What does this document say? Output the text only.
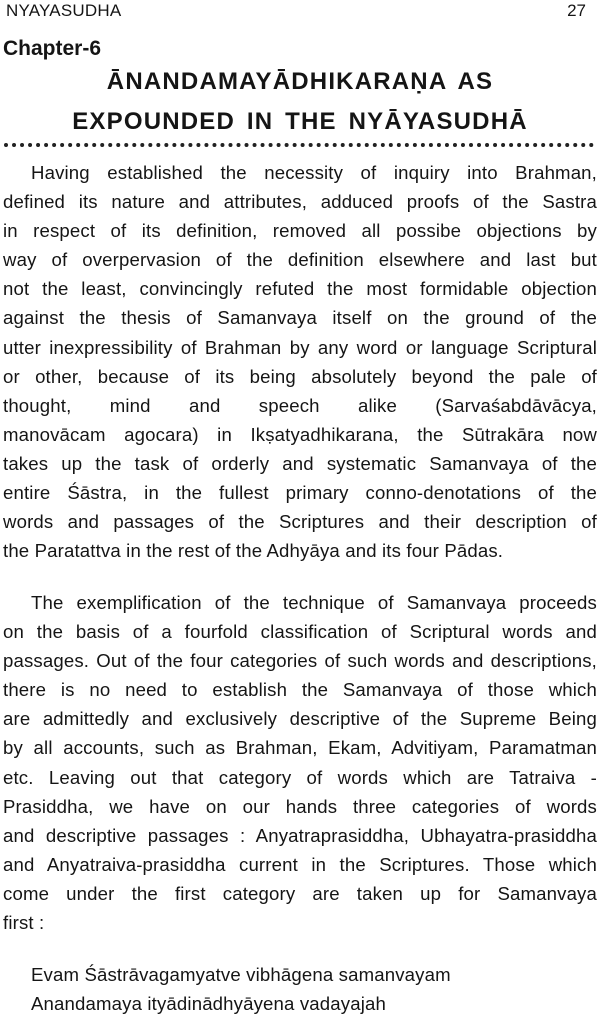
NYAYASUDHA	27
Chapter-6
ĀNANDAMAYĀDHIKARAṆA AS
EXPOUNDED IN THE NYĀYASUDHĀ
Having established the necessity of inquiry into Brahman,
defined its nature and attributes, adduced proofs of the Sastra
in respect of its definition, removed all possibe objections by
way of overpervasion of the definition elsewhere and last but
not the least, convincingly refuted the most formidable objection
against the thesis of Samanvaya itself on the ground of the
utter inexpressibility of Brahman by any word or language Scriptural
or other, because of its being absolutely beyond the pale of
thought, mind and speech alike (Sarvaśabdāvācya,
manovācam agocara) in Ikṣatyadhikarana, the Sūtrakāra now
takes up the task of orderly and systematic Samanvaya of the
entire Śāstra, in the fullest primary conno-denotations of the
words and passages of the Scriptures and their description of
the Paratattva in the rest of the Adhyāya and its four Pādas.
The exemplification of the technique of Samanvaya proceeds
on the basis of a fourfold classification of Scriptural words and
passages. Out of the four categories of such words and descriptions,
there is no need to establish the Samanvaya of those which
are admittedly and exclusively descriptive of the Supreme Being
by all accounts, such as Brahman, Ekam, Advitiyam, Paramatman
etc. Leaving out that category of words which are Tatraiva -
Prasiddha, we have on our hands three categories of words
and descriptive passages : Anyatraprasiddha, Ubhayatra-prasiddha
and Anyatraiva-prasiddha current in the Scriptures. Those which
come under the first category are taken up for Samanvaya
first :
Evam Śāstrāvagamyatve vibhāgena samanvayam
Anandamaya ityādinādhyāyena vadayajah
